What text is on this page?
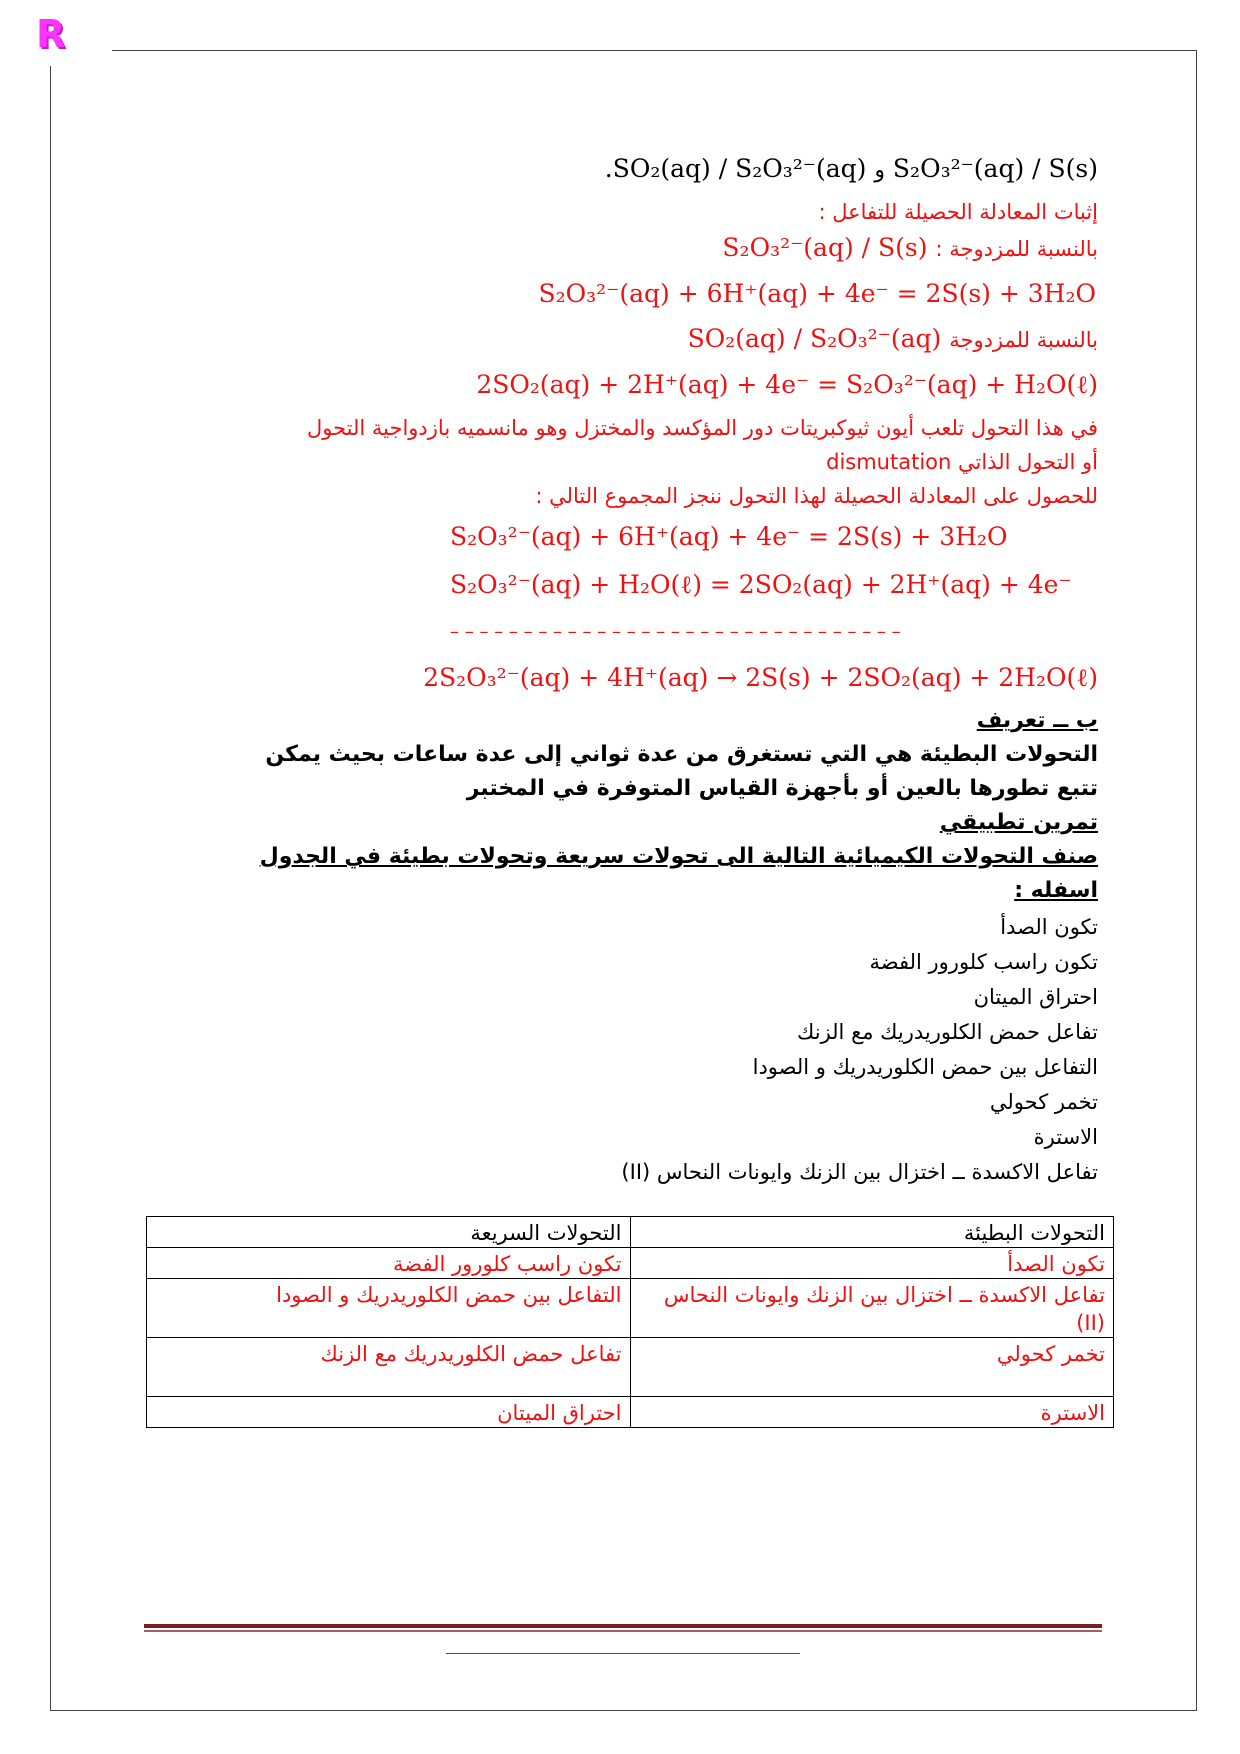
R
S₂O₃²⁻(aq) / S(s) و .SO₂(aq) / S₂O₃²⁻(aq)
إثبات المعادلة الحصيلة للتفاعل :
بالنسبة للمزدوجة : S₂O₃²⁻(aq) / S(s)
S₂O₃²⁻(aq) + 6H⁺(aq) + 4e⁻ = 2S(s) + 3H₂O
بالنسبة للمزدوجة SO₂(aq) / S₂O₃²⁻(aq)
2SO₂(aq) + 2H⁺(aq) + 4e⁻ = S₂O₃²⁻(aq) + H₂O(ℓ)
في هذا التحول تلعب أيون ثيوكبريتات دور المؤكسد والمختزل وهو مانسميه بازدواجية التحول
أو التحول الذاتي dismutation
للحصول على المعادلة الحصيلة لهذا التحول ننجز المجموع التالي :
S₂O₃²⁻(aq) + 6H⁺(aq) + 4e⁻ = 2S(s) + 3H₂O
S₂O₃²⁻(aq) + H₂O(ℓ) = 2SO₂(aq) + 2H⁺(aq) + 4e⁻
– – – – – – – – – – – – – – – – – – – – – – – – – – – – – – –
2S₂O₃²⁻(aq) + 4H⁺(aq) → 2S(s) + 2SO₂(aq) + 2H₂O(ℓ)
ب ــ تعريف
التحولات البطيئة هي التي تستغرق من عدة ثواني إلى عدة ساعات بحيث يمكن
تتبع تطورها بالعين أو بأجهزة القياس المتوفرة في المختبر
تمرين تطبيقي
صنف التحولات الكيميائية التالية الى تحولات سريعة وتحولات بطيئة في الجدول
اسفله :
تكون الصدأ
تكون راسب كلورور الفضة
احتراق الميتان
تفاعل حمض الكلوريدريك مع الزنك
التفاعل بين حمض الكلوريدريك و الصودا
تخمر كحولي
الاسترة
تفاعل الاكسدة ــ اختزال بين الزنك وايونات النحاس (II)
التحولات البطيئة	التحولات السريعة
تكون الصدأ	تكون راسب كلورور الفضة
تفاعل الاكسدة ــ اختزال بين الزنك وايونات النحاس (II)	التفاعل بين حمض الكلوريدريك و الصودا
تخمر كحولي	تفاعل حمض الكلوريدريك مع الزنك
الاسترة	احتراق الميتان
